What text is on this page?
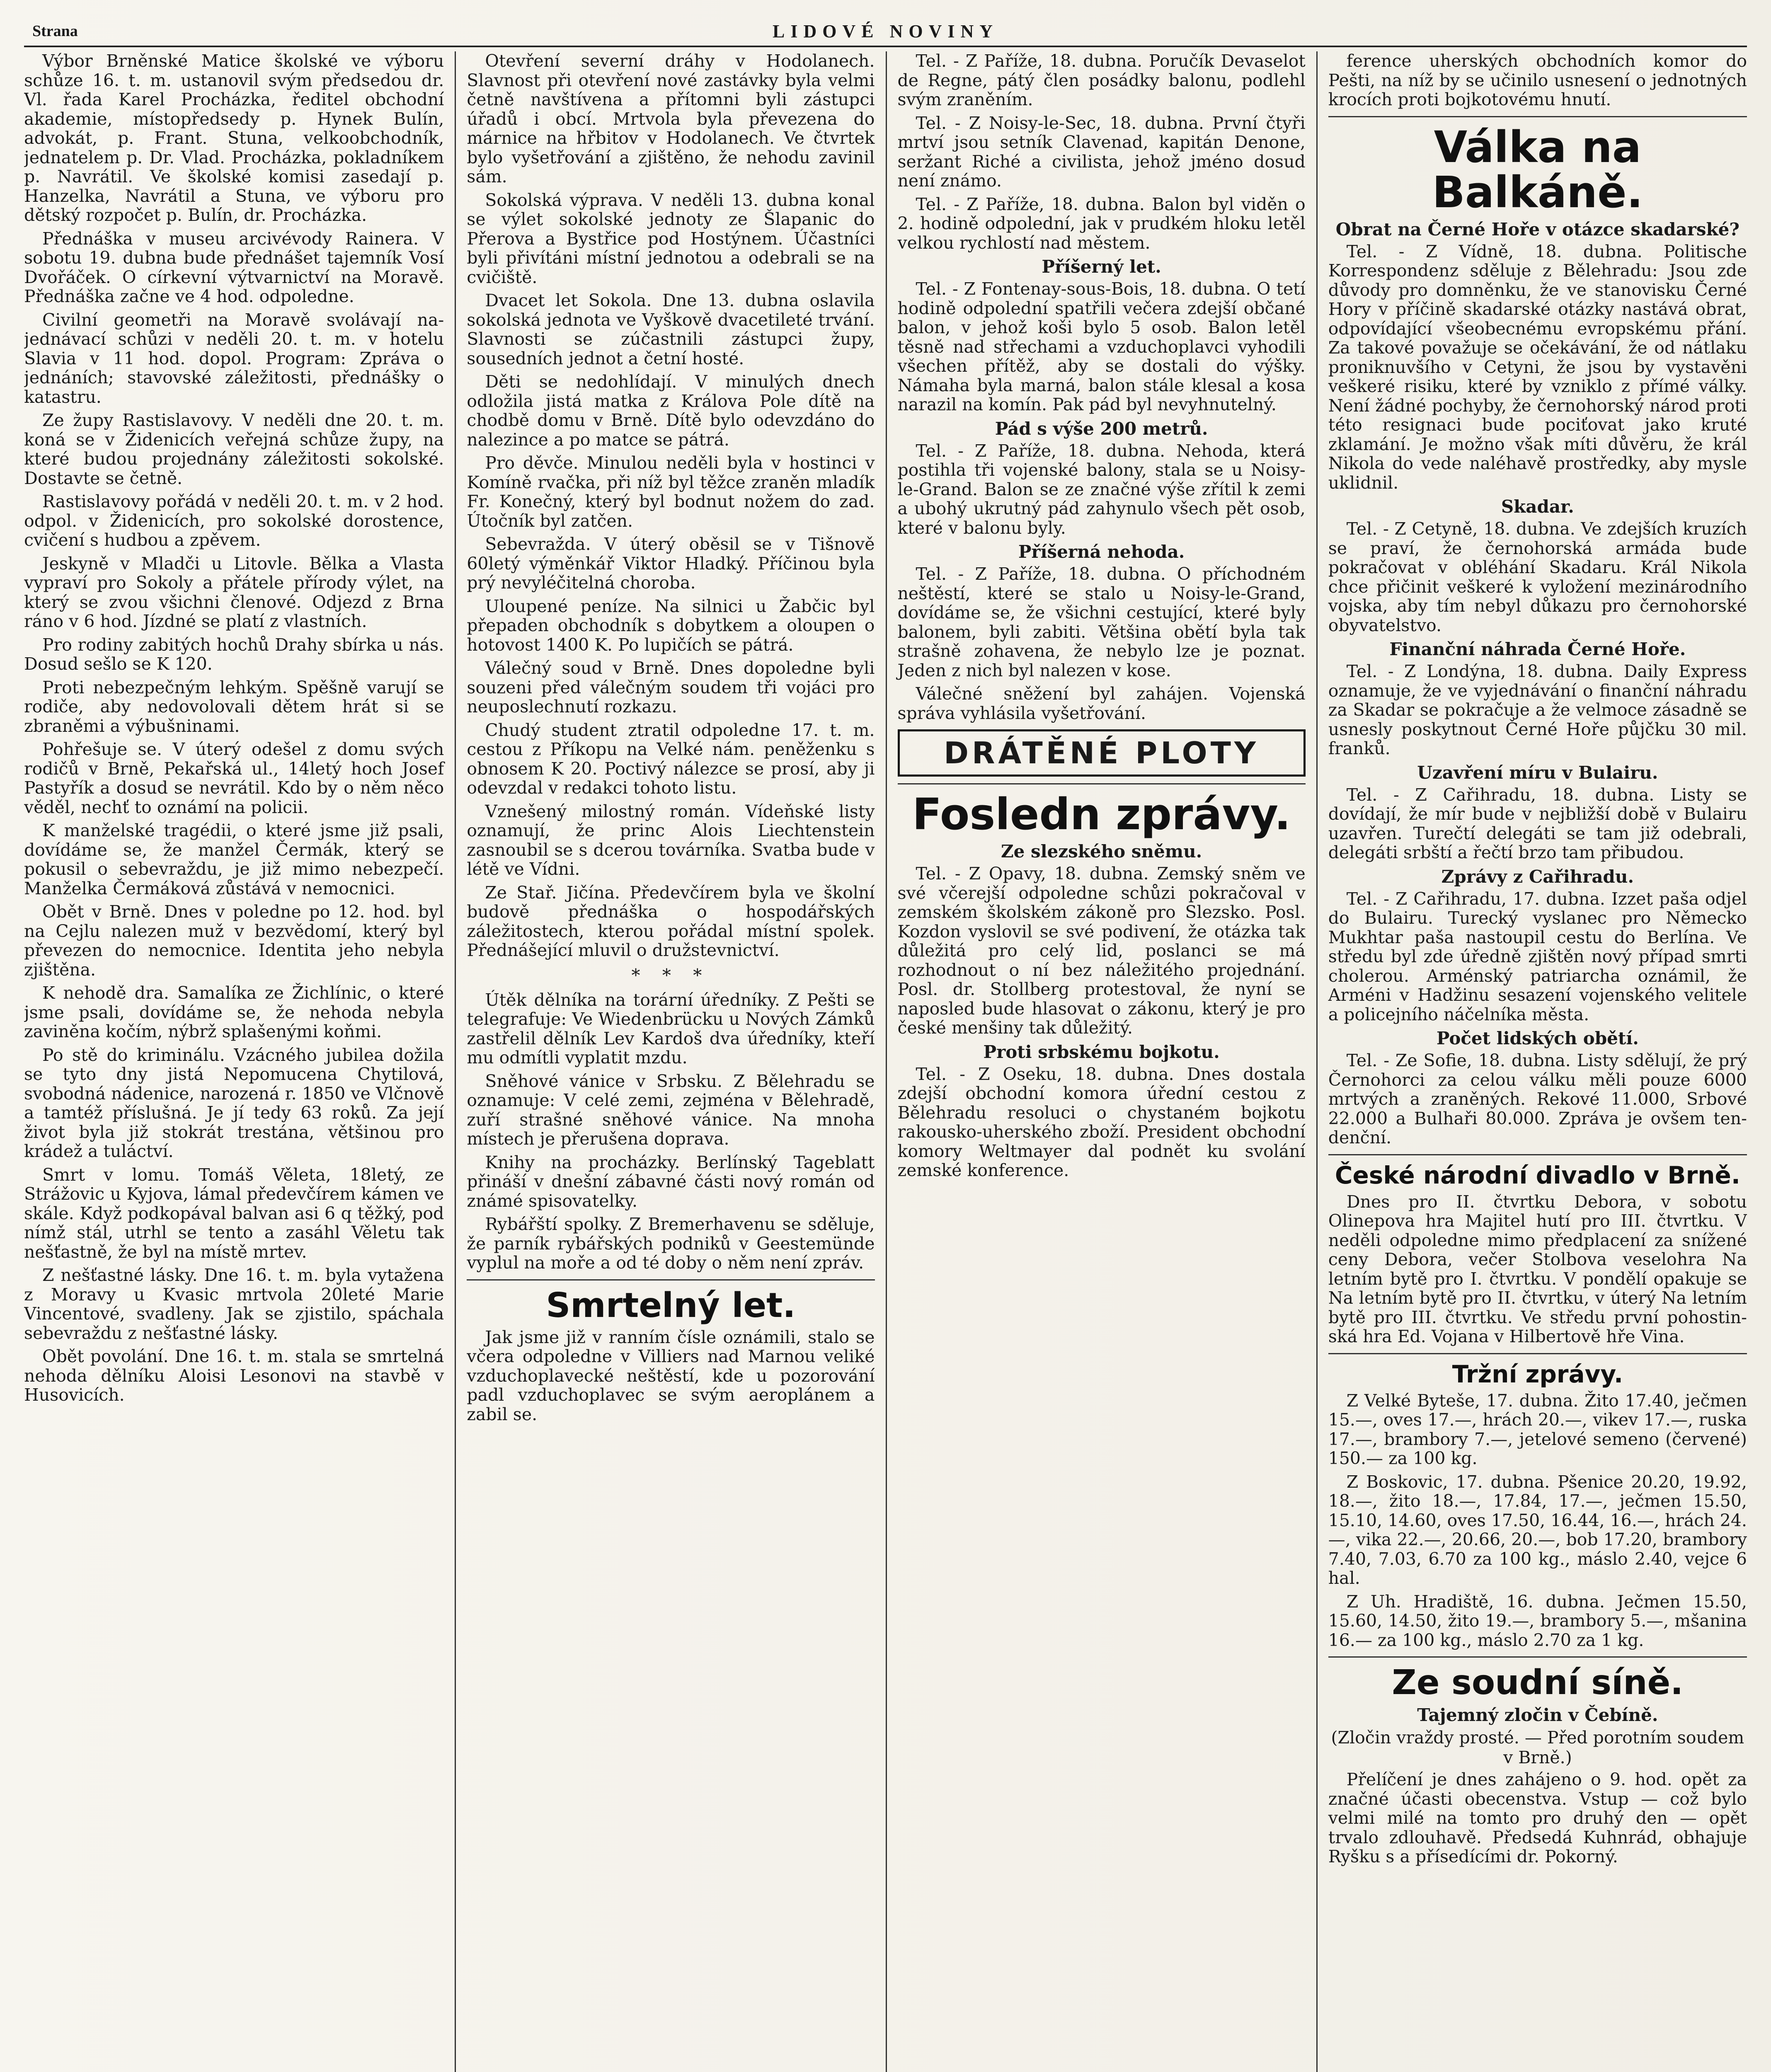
Strana	LIDOVÉ NOVINY

Výbor Brněnské Matice školské ve výboru schůze 16. t. m. ustanovil svým předsedou dr. Vl. řada Karel Procházka, ředitel obchodní akademie, místopředsedy p. Hynek Bulín, advokát, p. Frant. Stuna, velkoobchodník, jednatelem p. Dr. Vlad. Procházka, pokladníkem p. Navrátil. Ve školské komisi zasedají p. Hanzelka, Navrátil a Stuna, ve výboru pro dětský rozpočet p. Bulín, dr. Procházka.

Přednáška v museu arcivévody Rainera. V sobotu 19. dubna bude přednášet tajemník Vosí Dvořáček. O církevní výtvarnictví na Moravě. Přednáška začne ve 4 hod. odpoledne.

Civilní geometři na Moravě svolávají najednávací schůzi v neděli 20. t. m. v hotelu Slavia v 11 hod. dopol. Program: Zpráva o jednáních; stavovské záležitosti, přednášky o katastru.

Ze župy Rastislavovy. V neděli dne 20. t. m. koná se v Židenicích veřejná schůze župy, na které budou projednány záležitosti sokolské. Dostavte se četně.

Rastislavovy pořádá v neděli 20. t. m. v 2 hod. odpol. v Židenicích, pro sokolské dorostence, cvičení s hudbou a zpěvem.

Jeskyně v Mladči u Litovle. Bělka a Vlasta vypraví pro Sokoly a přátele přírody výlet, na který se zvou všichni členové. Odjezd z Brna ráno v 6 hod. Jízdné se platí z vlastních.

Pro rodiny zabitých hochů Drahy sbírka u nás. Dosud sešlo se K 120.

Proti nebezpečným lehkým. Spěšně varují se rodiče, aby nedovolovali dětem hrát si se zbraněmi a výbušninami.

Pohřešuje se. V úterý odešel z domu svých rodičů v Brně, Pekařská ul., 14letý hoch Josef Pastyřík a dosud se nevrátil. Kdo by o něm něco věděl, nechť to oznámí na policii.

K manželské tragédii, o které jsme již psali, dovídáme se, že manžel Čermák, který se pokusil o sebevraždu, je již mimo nebezpečí. Manželka Čermáková zůstává v nemocnici.

Obět v Brně. Dnes v poledne po 12. hod. byl na Cejlu nalezen muž v bezvědomí, který byl převezen do nemocnice. Identita jeho nebyla zjištěna.

K nehodě dra. Samalíka ze Žichlínic, o které jsme psali, dovídáme se, že nehoda nebyla zaviněna kočím, nýbrž splašenými koňmi.

Po stě do kriminálu. Vzácného jubilea dožila se tyto dny jistá Nepomucena Chytilová, svobodná nádenice, narozená r. 1850 ve Vlčnově a tamtéž příslušná. Je jí tedy 63 roků. Za její život byla již stokrát trestána, většinou pro krádež a tuláctví.

Smrt v lomu. Tomáš Věleta, 18letý, ze Strážovic u Kyjova, lámal předevčírem kámen ve skále. Když podkopával balvan asi 6 q těžký, pod nímž stál, utrhl se tento a zasáhl Věletu tak nešťastně, že byl na místě mrtev.

Z nešťastné lásky. Dne 16. t. m. byla vytažena z Moravy u Kvasic mrtvola 20leté Marie Vincentové, svadleny. Jak se zjistilo, spáchala sebevraždu z nešťastné lásky.

Obět povolání. Dne 16. t. m. stala se smrtelná nehoda dělníku Aloisi Lesonovi na stavbě v Husovicích.

Otevření severní dráhy v Hodolanech. Slavnost při otevření nové zastávky byla velmi četně navštívena a přítomni byli zástupci úřadů i obcí. Mrtvola byla převezena do márnice na hřbitov v Hodolanech. Ve čtvrtek bylo vyšetřování a zjištěno, že nehodu zavinil sám.

Sokolská výprava. V neděli 13. dubna konal se výlet sokolské jednoty ze Šlapanic do Přerova a Bystřice pod Hostýnem. Účastníci byli přivítáni místní jednotou a odebrali se na cvičiště.

Dvacet let Sokola. Dne 13. dubna oslavila sokolská jednota ve Vyškově dvacetileté trvání. Slavnosti se zúčastnili zástupci župy, sousedních jednot a četní hosté.

Děti se nedohlídají. V minulých dnech odložila jistá matka z Králova Pole dítě na chodbě domu v Brně. Dítě bylo odevzdáno do nalezince a po matce se pátrá.

Pro děvče. Minulou neděli byla v hostinci v Komíně rvačka, při níž byl těžce zraněn mladík Fr. Konečný, který byl bodnut nožem do zad. Útočník byl zatčen.

Sebevražda. V úterý oběsil se v Tišnově 60letý výměnkář Viktor Hladký. Příčinou byla prý nevyléčitelná choroba.

Uloupené peníze. Na silnici u Žabčic byl přepaden obchodník s dobytkem a oloupen o hotovost 1400 K. Po lupičích se pátrá.

Válečný soud v Brně. Dnes dopoledne byli souzeni před válečným soudem tři vojáci pro neuposlechnutí rozkazu.

Chudý student ztratil odpoledne 17. t. m. cestou z Příkopu na Velké nám. peněženku s obnosem K 20. Poctivý nálezce se prosí, aby ji odevzdal v redakci tohoto listu.

Vznešený milostný román. Vídeňské listy oznamují, že princ Alois Liechtenstein zasnoubil se s dcerou továrníka. Svatba bude v létě ve Vídni.

Ze Stař. Jičína. Předevčírem byla ve školní budově přednáška o hospodářských záležitostech, kterou pořádal místní spolek. Přednášející mluvil o družstevnictví.

* * *

Útěk dělníka na torární úředníky. Z Pešti se telegrafuje: Ve Wiedenbrücku u Nových Zámků zastřelil dělník Lev Kardoš dva úředníky, kteří mu odmítli vyplatit mzdu.

Sněhové vánice v Srbsku. Z Bělehradu se oznamuje: V celé zemi, zejména v Bělehradě, zuří strašné sněhové vánice. Na mnoha místech je přerušena doprava.

Knihy na procházky. Berlínský Tageblatt přináší v dnešní zábavné části nový román od známé spisovatelky.

Rybářští spolky. Z Bremerhavenu se sděluje, že parník rybářských podniků v Geestemünde vyplul na moře a od té doby o něm není zpráv.

Smrtelný let.

Jak jsme již v ranním čísle oznámili, stalo se včera odpoledne v Villiers nad Marnou veliké vzduchoplavecké neštěstí, kde u pozorování padl vzduchoplavec se svým aeroplánem a zabil se.

Tel. - Z Paříže, 18. dubna. Poručík Devaselot de Regne, pátý člen posádky balonu, podlehl svým zraněním.

Tel. - Z Noisy-le-Sec, 18. dubna. První čtyři mrtví jsou setník Clavenad, kapitán Denone, seržant Riché a civilista, jehož jméno dosud není známo.

Tel. - Z Paříže, 18. dubna. Balon byl viděn o 2. hodině odpolední, jak v prudkém hloku letěl velkou rychlostí nad městem.

Příšerný let.

Tel. - Z Fontenay-sous-Bois, 18. dubna. O tetí hodině odpolední spatřili večera zdejší občané balon, v jehož koši bylo 5 osob. Balon letěl těsně nad střechami a vzduchoplavci vyhodili všechen přítěž, aby se dostali do výšky. Námaha byla marná, balon stále klesal a kosa narazil na komín. Pak pád byl nevyhnutelný.

Pád s výše 200 metrů.

Tel. - Z Paříže, 18. dubna. Nehoda, která postihla tři vojenské balony, stala se u Noisy-le-Grand. Balon se ze značné výše zřítil k zemi a ubohý ukrutný pád zahynulo všech pět osob, které v balonu byly.

Příšerná nehoda.

Tel. - Z Paříže, 18. dubna. O příchodném neštěstí, které se stalo u Noisy-le-Grand, dovídáme se, že všichni cestující, které byly balonem, byli zabiti. Většina obětí byla tak strašně zohavena, že nebylo lze je poznat. Jeden z nich byl nalezen v kose.

Válečné sněžení byl zahájen. Vojenská správa vyhlásila vyšetřování.

DRÁTĚNÉ PLOTY
Fosledn zprávy.
Ze slezského sněmu.

Tel. - Z Opavy, 18. dubna. Zemský sněm ve své včerejší odpoledne schůzi pokračoval v zemském školském zákoně pro Slezsko. Posl. Kozdon vyslovil se své podivení, že otázka tak důležitá pro celý lid, poslanci se má rozhodnout o ní bez náležitého projednání. Posl. dr. Stollberg protestoval, že nyní se naposled bude hlasovat o zákonu, který je pro české menšiny tak důležitý.

Proti srbskému bojkotu.

Tel. - Z Oseku, 18. dubna. Dnes dostala zdejší obchodní komora úřední cestou z Bělehradu resoluci o chystaném bojkotu rakousko-uherského zboží. President obchodní komory Weltmayer dal podnět ku svolání zemské konference.

ference uherských obchodních komor do Pešti, na níž by se učinilo usnesení o jednotných krocích proti bojkotovému hnutí.

Válka na Balkáně.
Obrat na Černé Hoře v otázce skadarské?

Tel. - Z Vídně, 18. dubna. Politische Korrespondenz sděluje z Bělehradu: Jsou zde důvody pro domněnku, že ve stanovisku Černé Hory v příčině skadarské otázky nastává obrat, odpovídající všeobecnému evropskému přání. Za takové považuje se očekávání, že od nátlaku proniknuvšího v Cetyni, že jsou by vystavěni veškeré risiku, které by vzniklo z přímé války. Není žádné pochyby, že černohorský národ proti této resignaci bude pociťovat jako kruté zklamání. Je možno však míti důvěru, že král Nikola do vede naléhavě prostředky, aby mysle uklidnil.

Skadar.

Tel. - Z Cetyně, 18. dubna. Ve zdejších kruzích se praví, že černohorská armáda bude pokračovat v obléhání Skadaru. Král Nikola chce přičinit veškeré k vyložení mezinárodního vojska, aby tím nebyl důkazu pro černohorské obyvatelstvo.

Finanční náhrada Černé Hoře.

Tel. - Z Londýna, 18. dubna. Daily Express oznamuje, že ve vyjednávání o finanční náhradu za Skadar se pokračuje a že velmoce zásadně se usnesly poskytnout Černé Hoře půjčku 30 mil. franků.

Uzavření míru v Bulairu.

Tel. - Z Cařihradu, 18. dubna. Listy se dovídají, že mír bude v nejbližší době v Bulairu uzavřen. Turečtí delegáti se tam již odebrali, delegáti srbští a řečtí brzo tam přibudou.

Zprávy z Cařihradu.

Tel. - Z Cařihradu, 17. dubna. Izzet paša odjel do Bulairu. Turecký vyslanec pro Německo Mukhtar paša nastoupil cestu do Berlína. Ve středu byl zde úředně zjištěn nový případ smrti cholerou. Arménský patriarcha oznámil, že Arméni v Hadžinu sesazení vojenského velitele a policejního náčelníka města.

Počet lidských obětí.

Tel. - Ze Sofie, 18. dubna. Listy sdělují, že prý Černohorci za celou válku měli pouze 6000 mrtvých a zraněných. Rekové 11.000, Srbové 22.000 a Bulhaři 80.000. Zpráva je ovšem tendenční.

České národní divadlo v Brně.

Dnes pro II. čtvrtku Debora, v sobotu Olinepova hra Majitel hutí pro III. čtvrtku. V neděli odpoledne mimo předplacení za snížené ceny Debora, večer Stolbova veselohra Na letním bytě pro I. čtvrtku. V pondělí opakuje se Na letním bytě pro II. čtvrtku, v úterý Na letním bytě pro III. čtvrtku. Ve středu první pohostinská hra Ed. Vojana v Hilbertově hře Vina.

Tržní zprávy.

Z Velké Byteše, 17. dubna. Žito 17.40, ječmen 15.—, oves 17.—, hrách 20.—, vikev 17.—, ruska 17.—, brambory 7.—, jetelové semeno (červené) 150.— za 100 kg.

Z Boskovic, 17. dubna. Pšenice 20.20, 19.92, 18.—, žito 18.—, 17.84, 17.—, ječmen 15.50, 15.10, 14.60, oves 17.50, 16.44, 16.—, hrách 24.—, vika 22.—, 20.66, 20.—, bob 17.20, brambory 7.40, 7.03, 6.70 za 100 kg., máslo 2.40, vejce 6 hal.

Z Uh. Hradiště, 16. dubna. Ječmen 15.50, 15.60, 14.50, žito 19.—, brambory 5.—, mšanina 16.— za 100 kg., máslo 2.70 za 1 kg.

Ze soudní síně.
Tajemný zločin v Čebíně.
(Zločin vraždy prosté. — Před porotním soudem v Brně.)

Přelíčení je dnes zahájeno o 9. hod. opět za značné účasti obecenstva. Vstup — což bylo velmi milé na tomto pro druhý den — opět trvalo zdlouhavě. Předsedá Kuhnrád, obhajuje Ryšku s a přísedícími dr. Pokorný.
